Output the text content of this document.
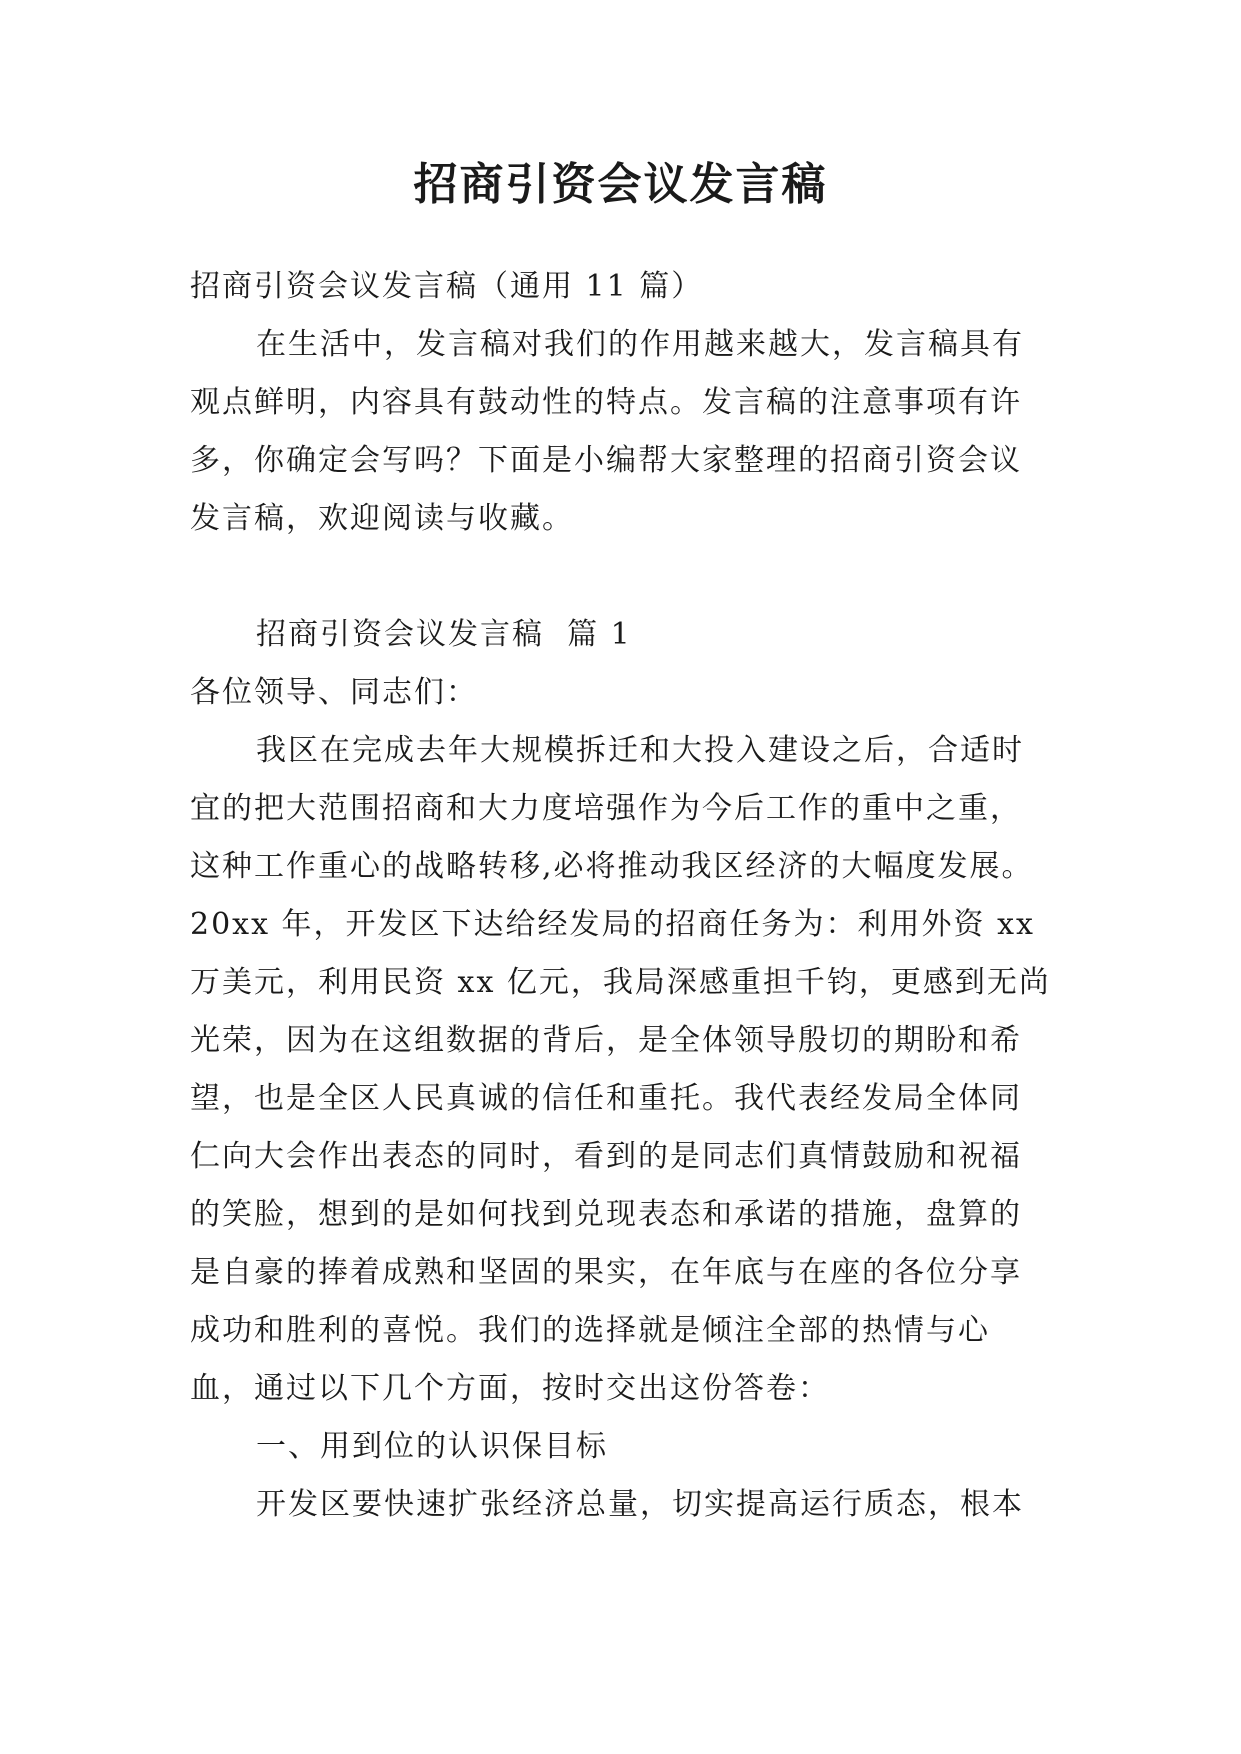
招商引资会议发言稿

招商引资会议发言稿（通用 11 篇）

在生活中，发言稿对我们的作用越来越大，发言稿具有观点鲜明，内容具有鼓动性的特点。发言稿的注意事项有许多，你确定会写吗？下面是小编帮大家整理的招商引资会议发言稿，欢迎阅读与收藏。

招商引资会议发言稿  篇 1

各位领导、同志们：

我区在完成去年大规模拆迁和大投入建设之后，合适时宜的把大范围招商和大力度培强作为今后工作的重中之重，这种工作重心的战略转移,必将推动我区经济的大幅度发展。20xx 年，开发区下达给经发局的招商任务为：利用外资 xx 万美元，利用民资 xx 亿元，我局深感重担千钧，更感到无尚光荣，因为在这组数据的背后，是全体领导殷切的期盼和希望，也是全区人民真诚的信任和重托。我代表经发局全体同仁向大会作出表态的同时，看到的是同志们真情鼓励和祝福的笑脸，想到的是如何找到兑现表态和承诺的措施，盘算的是自豪的捧着成熟和坚固的果实，在年底与在座的各位分享成功和胜利的喜悦。我们的选择就是倾注全部的热情与心血，通过以下几个方面，按时交出这份答卷：

一、用到位的认识保目标

开发区要快速扩张经济总量，切实提高运行质态，根本
